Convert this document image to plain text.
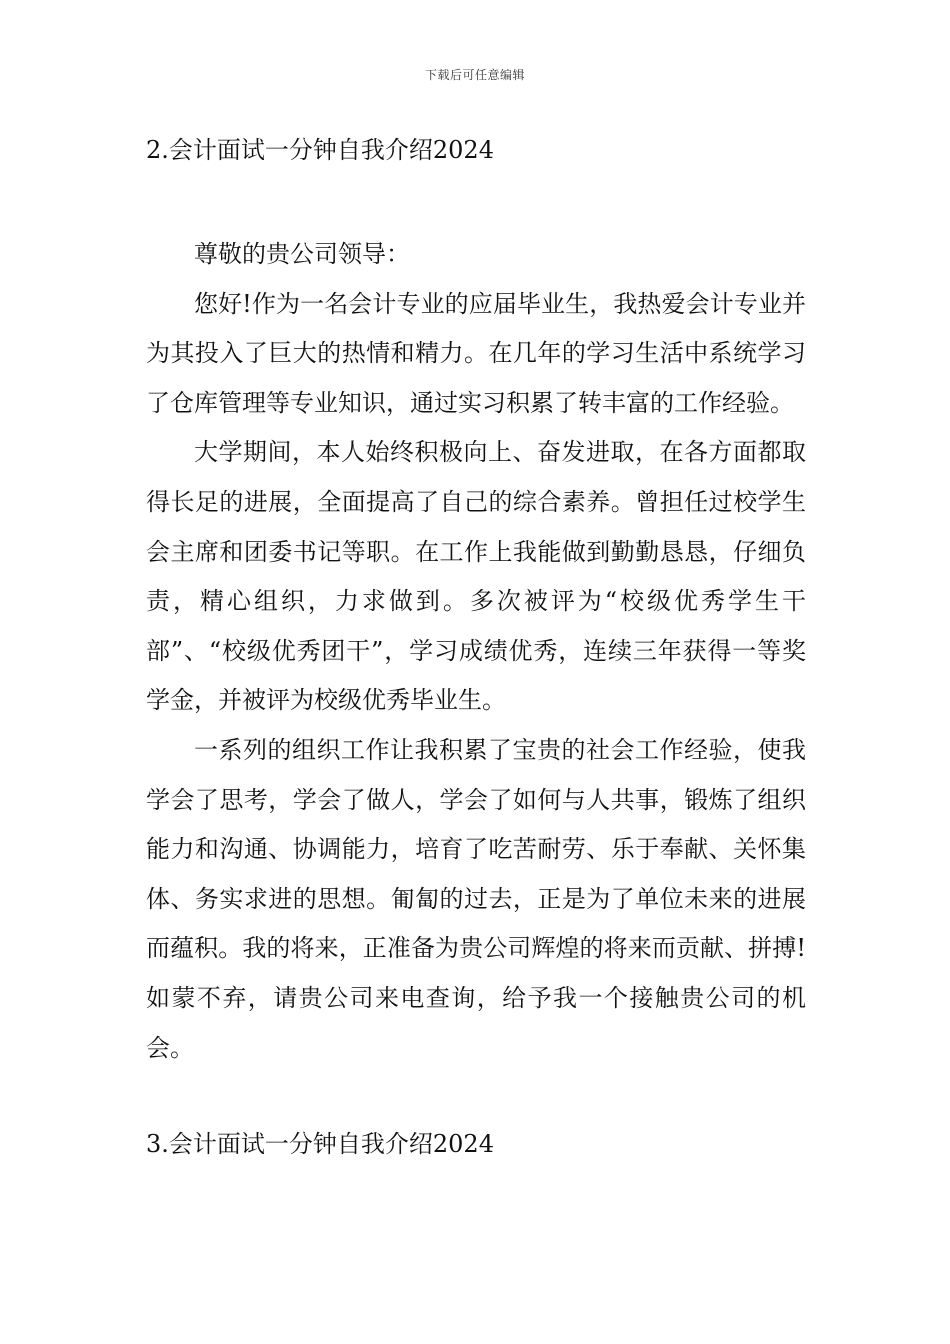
下载后可任意编辑
2.会计面试一分钟自我介绍2024

尊敬的贵公司领导：

您好!作为一名会计专业的应届毕业生，我热爱会计专业并为其投入了巨大的热情和精力。在几年的学习生活中系统学习了仓库管理等专业知识，通过实习积累了转丰富的工作经验。

大学期间，本人始终积极向上、奋发进取，在各方面都取得长足的进展，全面提高了自己的综合素养。曾担任过校学生会主席和团委书记等职。在工作上我能做到勤勤恳恳，仔细负责，精心组织，力求做到。多次被评为“校级优秀学生干部”、“校级优秀团干”，学习成绩优秀，连续三年获得一等奖学金，并被评为校级优秀毕业生。

一系列的组织工作让我积累了宝贵的社会工作经验，使我学会了思考，学会了做人，学会了如何与人共事，锻炼了组织能力和沟通、协调能力，培育了吃苦耐劳、乐于奉献、关怀集体、务实求进的思想。匍匐的过去，正是为了单位未来的进展而蕴积。我的将来，正准备为贵公司辉煌的将来而贡献、拼搏!如蒙不弃，请贵公司来电查询，给予我一个接触贵公司的机会。

3.会计面试一分钟自我介绍2024
